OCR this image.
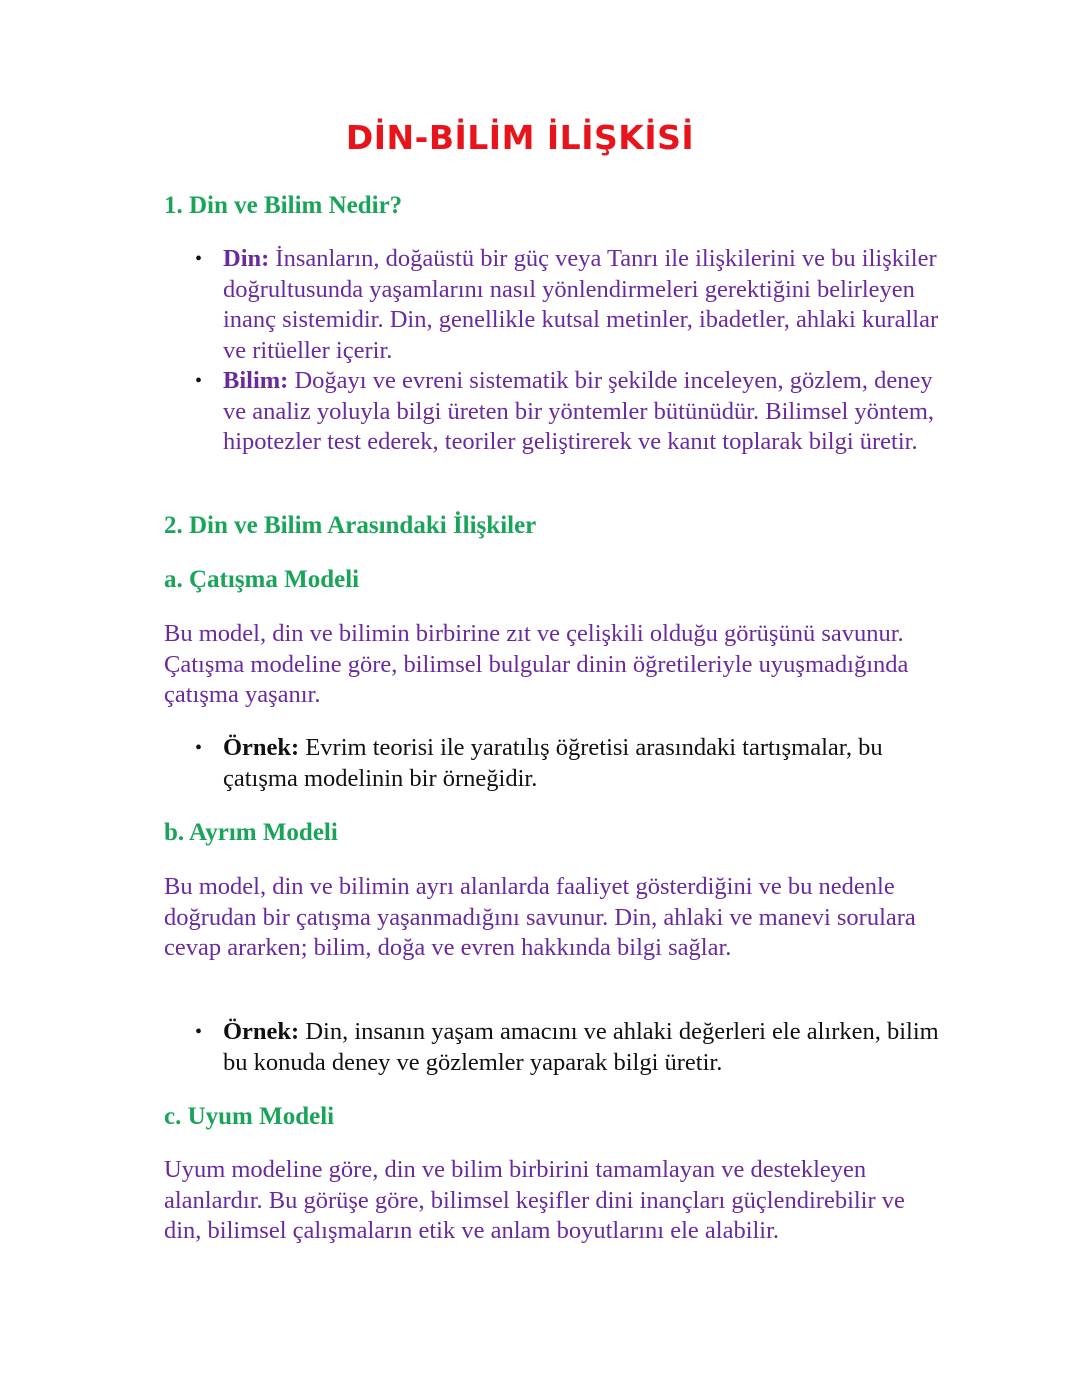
DİN-BİLİM İLİŞKİSİ
1. Din ve Bilim Nedir?

• Din: İnsanların, doğaüstü bir güç veya Tanrı ile ilişkilerini ve bu ilişkiler doğrultusunda yaşamlarını nasıl yönlendirmeleri gerektiğini belirleyen inanç sistemidir. Din, genellikle kutsal metinler, ibadetler, ahlaki kurallar ve ritüeller içerir.

• Bilim: Doğayı ve evreni sistematik bir şekilde inceleyen, gözlem, deney ve analiz yoluyla bilgi üreten bir yöntemler bütünüdür. Bilimsel yöntem, hipotezler test ederek, teoriler geliştirerek ve kanıt toplarak bilgi üretir.

2. Din ve Bilim Arasındaki İlişkiler
a. Çatışma Modeli

Bu model, din ve bilimin birbirine zıt ve çelişkili olduğu görüşünü savunur. Çatışma modeline göre, bilimsel bulgular dinin öğretileriyle uyuşmadığında çatışma yaşanır.

• Örnek: Evrim teorisi ile yaratılış öğretisi arasındaki tartışmalar, bu çatışma modelinin bir örneğidir.

b. Ayrım Modeli

Bu model, din ve bilimin ayrı alanlarda faaliyet gösterdiğini ve bu nedenle doğrudan bir çatışma yaşanmadığını savunur. Din, ahlaki ve manevi sorulara cevap ararken; bilim, doğa ve evren hakkında bilgi sağlar.

• Örnek: Din, insanın yaşam amacını ve ahlaki değerleri ele alırken, bilim bu konuda deney ve gözlemler yaparak bilgi üretir.

c. Uyum Modeli

Uyum modeline göre, din ve bilim birbirini tamamlayan ve destekleyen alanlardır. Bu görüşe göre, bilimsel keşifler dini inançları güçlendirebilir ve din, bilimsel çalışmaların etik ve anlam boyutlarını ele alabilir.
